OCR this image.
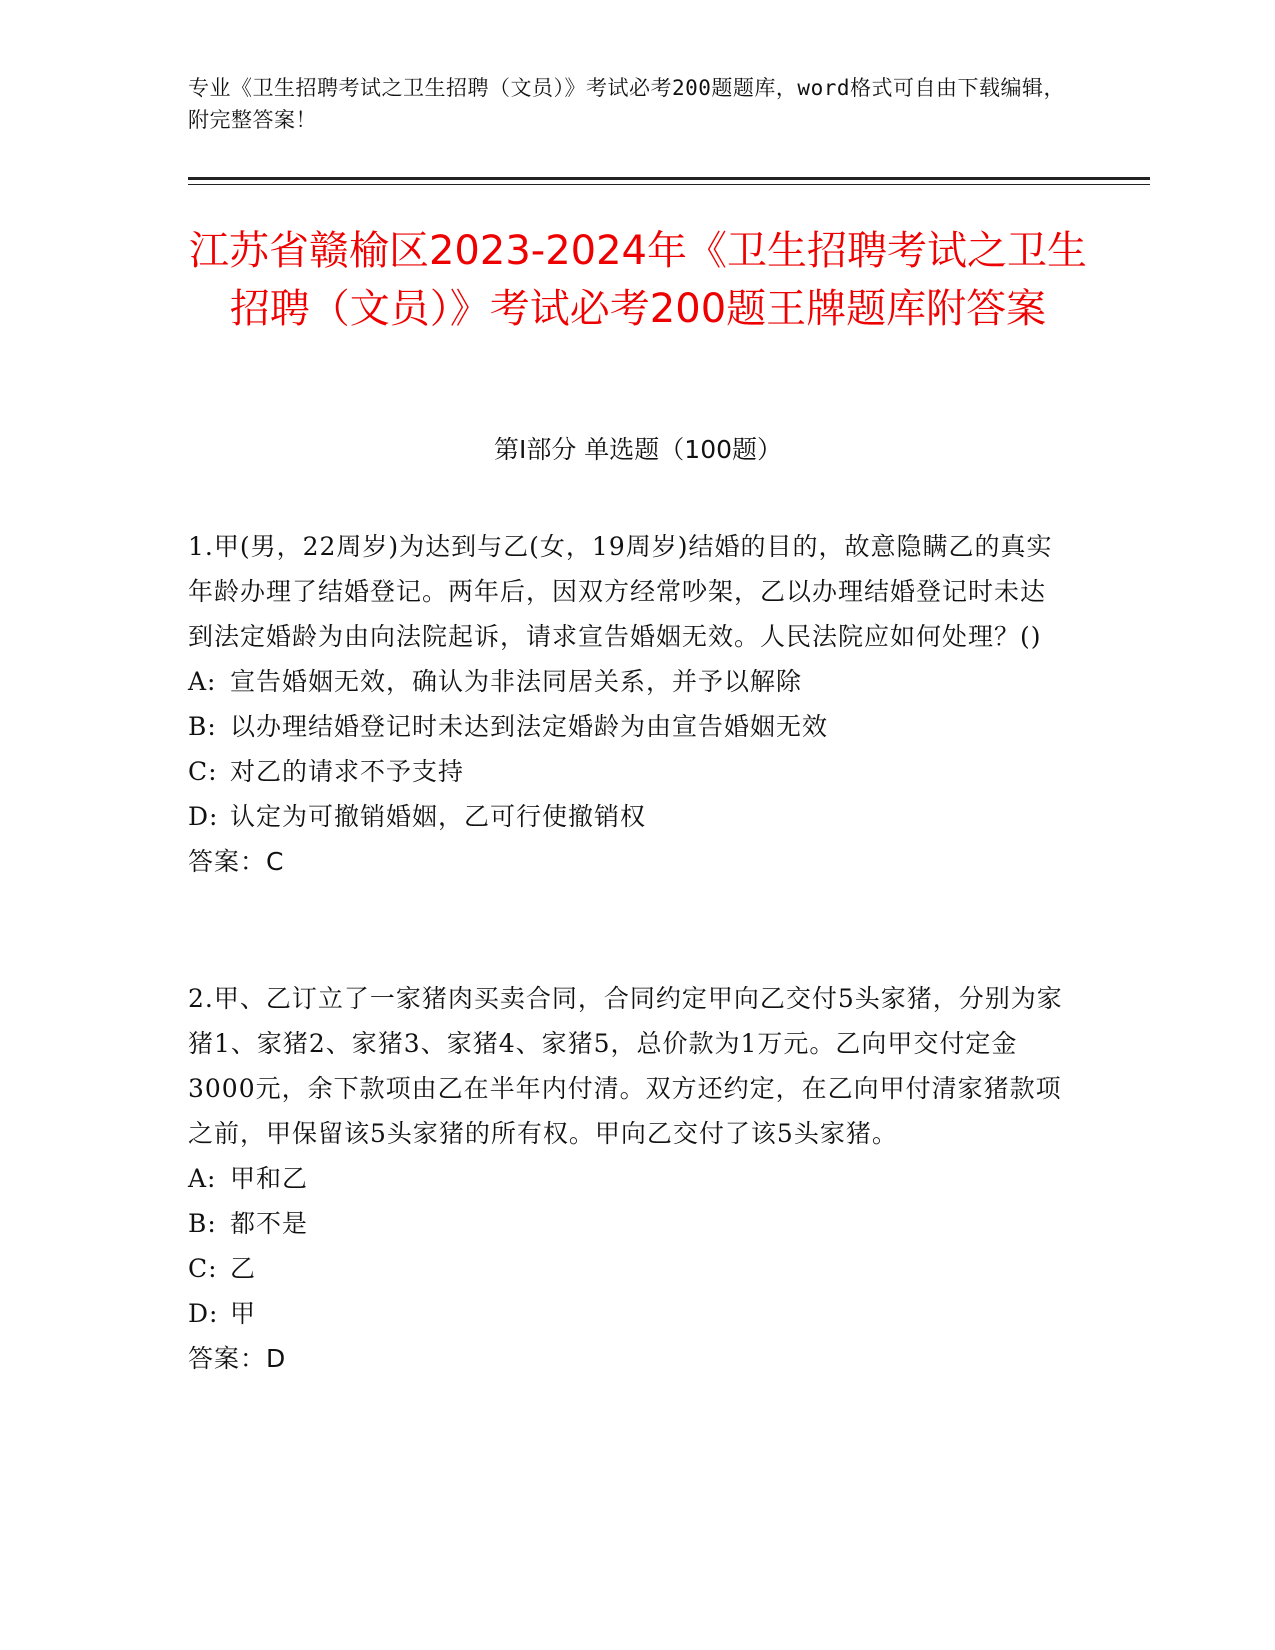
专业《卫生招聘考试之卫生招聘（文员）》考试必考200题题库，word格式可自由下载编辑，附完整答案！
江苏省赣榆区2023-2024年《卫生招聘考试之卫生招聘（文员）》考试必考200题王牌题库附答案
第Ⅰ部分 单选题（100题）

1.甲(男，22周岁)为达到与乙(女，19周岁)结婚的目的，故意隐瞒乙的真实年龄办理了结婚登记。两年后，因双方经常吵架，乙以办理结婚登记时未达到法定婚龄为由向法院起诉，请求宣告婚姻无效。人民法院应如何处理？()

A: 宣告婚姻无效，确认为非法同居关系，并予以解除

B: 以办理结婚登记时未达到法定婚龄为由宣告婚姻无效

C: 对乙的请求不予支持

D: 认定为可撤销婚姻，乙可行使撤销权

答案：C

2.甲、乙订立了一家猪肉买卖合同，合同约定甲向乙交付5头家猪，分别为家猪1、家猪2、家猪3、家猪4、家猪5，总价款为1万元。乙向甲交付定金3000元，余下款项由乙在半年内付清。双方还约定，在乙向甲付清家猪款项之前，甲保留该5头家猪的所有权。甲向乙交付了该5头家猪。

A: 甲和乙

B: 都不是

C: 乙

D: 甲

答案：D
